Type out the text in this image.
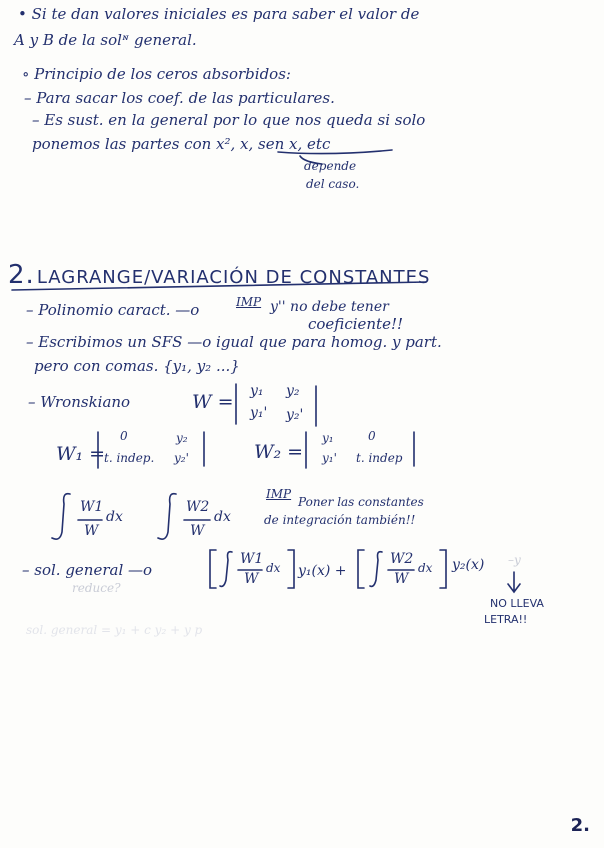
• Si te dan valores iniciales es para saber el valor de
A y B de la solᶰ general.
∘ Principio de los ceros absorbidos:
– Para sacar los coef. de las particulares.
– Es sust. en la general por lo que nos queda si solo
ponemos las partes con x², x, sen x, etc
depende
del caso.
2. LAGRANGE/VARIACIÓN DE CONSTANTES
– Polinomio caract. —o	IMP y'' no debe tener
coeficiente!!
– Escribimos un SFS —o igual que para homog. y part.
pero con comas. {y₁, y₂ ...}
– Wronskiano	W = y₁ y₂
y₁' y₂'
W₁ =
0	y₂
t. indep. y₂'	W₂ =
y₁	0
y₁' t. indep
W1
W
dx
W2
W
dx
IMP
Poner las constantes
de integración también!!
– sol. general —o
reduce?
W1
W
dx y₁(x) +
W2
W
dx y₂(x) –y
NO LLEVA
LETRA!!
sol. general = y₁ + c y₂ + y p
2.
